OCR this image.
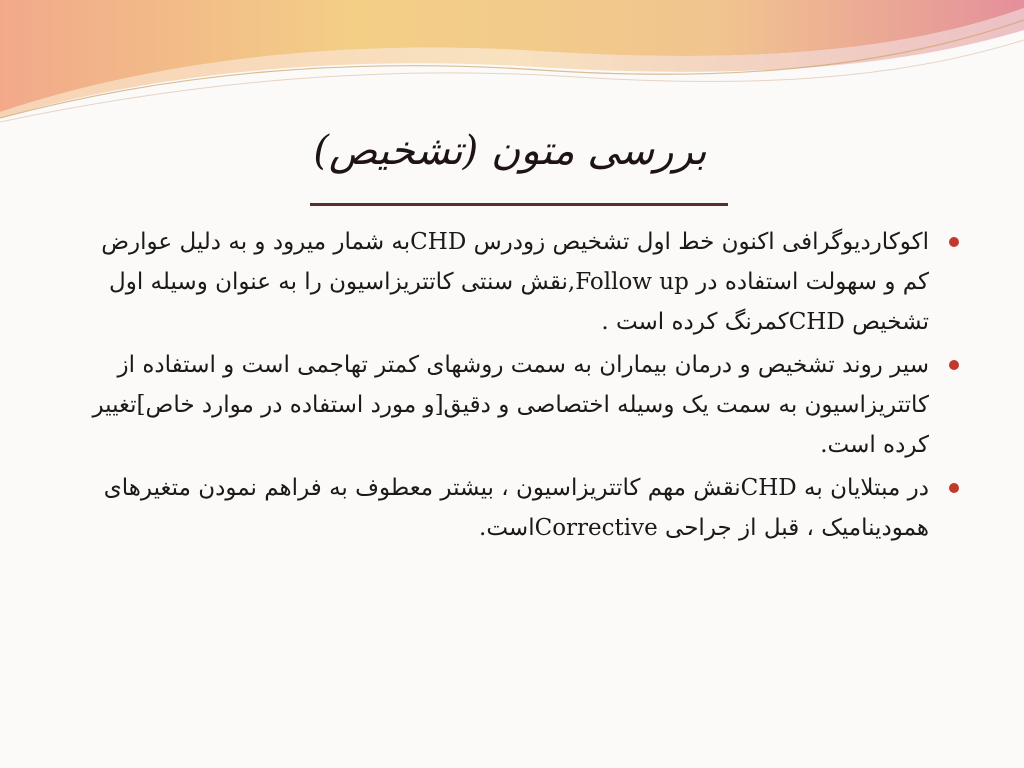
بررسی متون (تشخیص)
اکوکاردیوگرافی اکنون خط اول تشخیص زودرس CHDبه شمار میرود و به دلیل عوارض کم و سهولت استفاده در Follow up,نقش سنتی کاتتریزاسیون را به عنوان وسیله اول تشخیص CHDکمرنگ کرده است .
سیر روند تشخیص و درمان بیماران به سمت روشهای کمتر تهاجمی است و استفاده از کاتتریزاسیون به سمت یک وسیله اختصاصی و دقیق[و مورد استفاده در موارد خاص]تغییر کرده است.
در مبتلایان به CHDنقش مهم کاتتریزاسیون ، بیشتر معطوف به فراهم نمودن متغیرهای همودینامیک ، قبل از جراحی Correctiveاست.
